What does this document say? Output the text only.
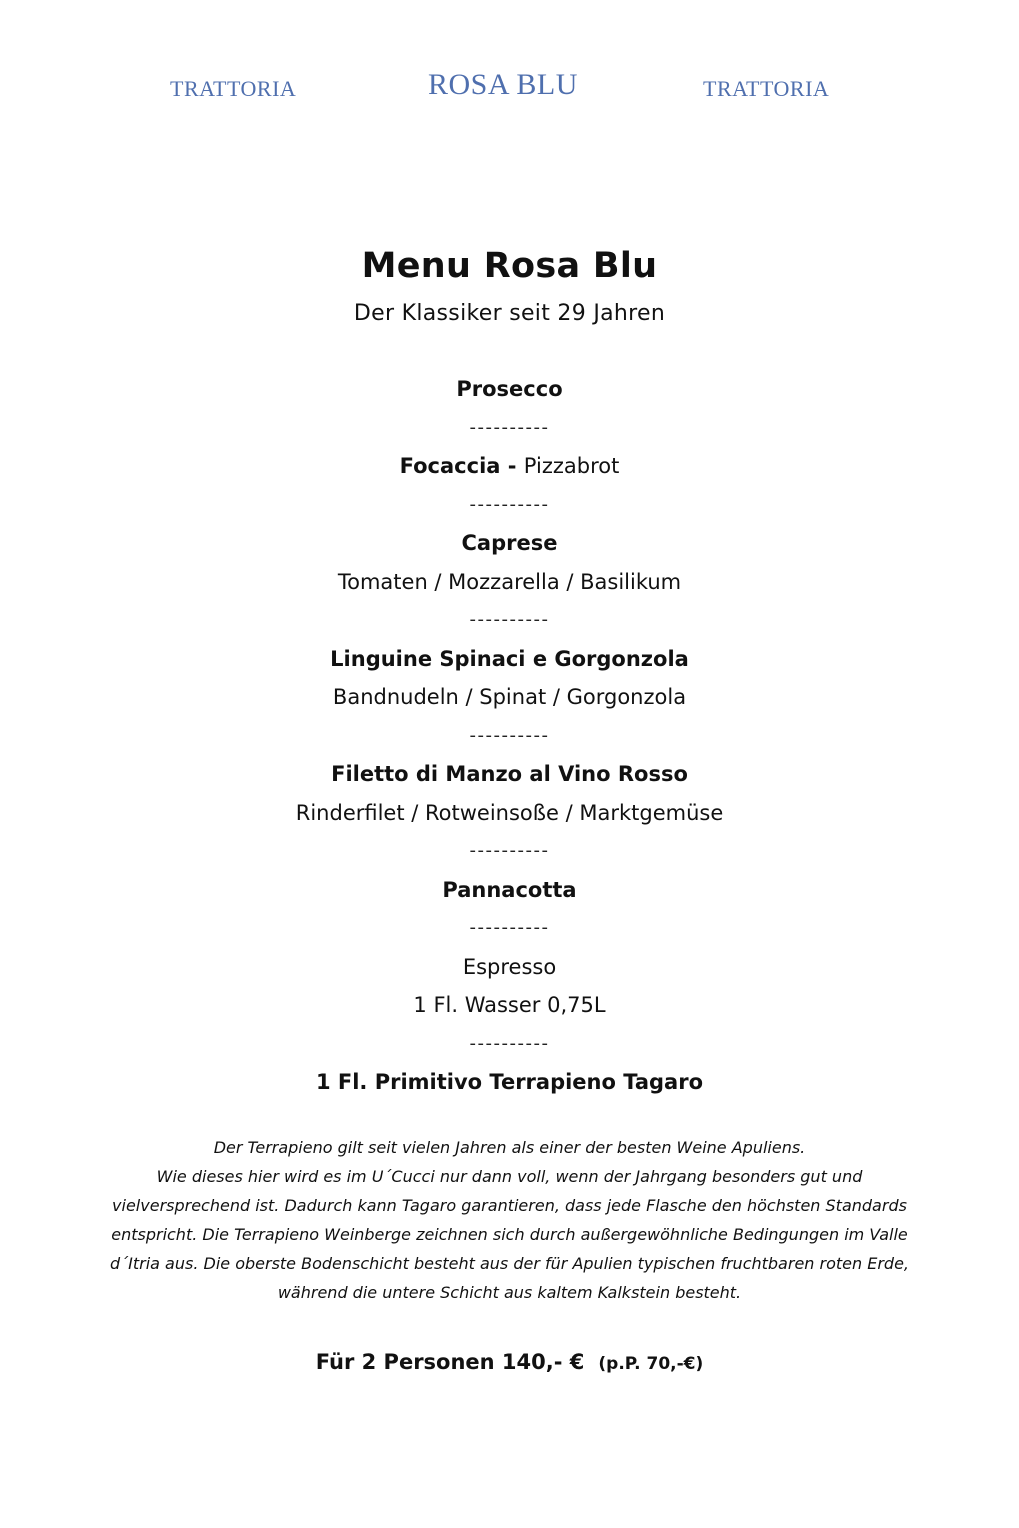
TRATTORIA	ROSA BLU	TRATTORIA
Menu Rosa Blu

Der Klassiker seit 29 Jahren

Prosecco
----------
Focaccia - Pizzabrot
----------
Caprese
Tomaten / Mozzarella / Basilikum
----------
Linguine Spinaci e Gorgonzola
Bandnudeln / Spinat / Gorgonzola
----------
Filetto di Manzo al Vino Rosso
Rinderfilet / Rotweinsoße / Marktgemüse
----------
Pannacotta
----------
Espresso
1 Fl. Wasser 0,75L
----------
1 Fl. Primitivo Terrapieno Tagaro

Der Terrapieno gilt seit vielen Jahren als einer der besten Weine Apuliens.

Wie dieses hier wird es im U´Cucci nur dann voll, wenn der Jahrgang besonders gut und

vielversprechend ist. Dadurch kann Tagaro garantieren, dass jede Flasche den höchsten Standards

entspricht. Die Terrapieno Weinberge zeichnen sich durch außergewöhnliche Bedingungen im Valle

d´Itria aus. Die oberste Bodenschicht besteht aus der für Apulien typischen fruchtbaren roten Erde,

während die untere Schicht aus kaltem Kalkstein besteht.

Für 2 Personen 140,- € (p.P. 70,-€)
